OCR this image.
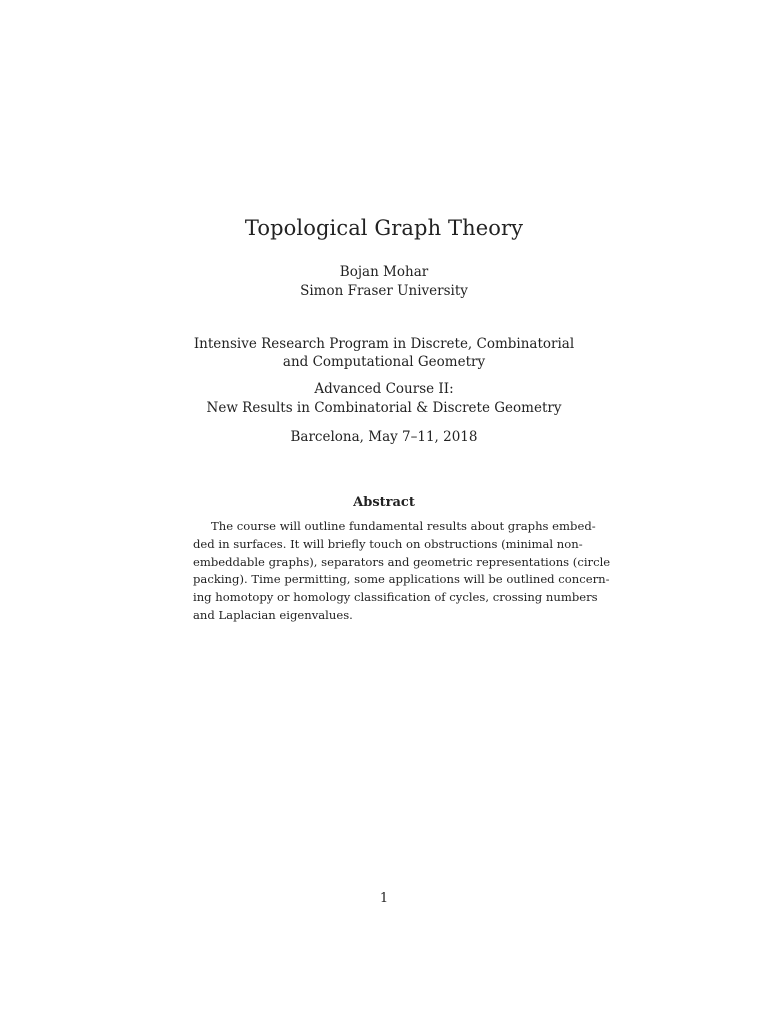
Topological Graph Theory
Bojan Mohar
Simon Fraser University
Intensive Research Program in Discrete, Combinatorial
and Computational Geometry
Advanced Course II:
New Results in Combinatorial & Discrete Geometry
Barcelona, May 7–11, 2018
Abstract
The course will outline fundamental results about graphs embed-
ded in surfaces. It will briefly touch on obstructions (minimal non-
embeddable graphs), separators and geometric representations (circle
packing). Time permitting, some applications will be outlined concern-
ing homotopy or homology classification of cycles, crossing numbers
and Laplacian eigenvalues.
1
